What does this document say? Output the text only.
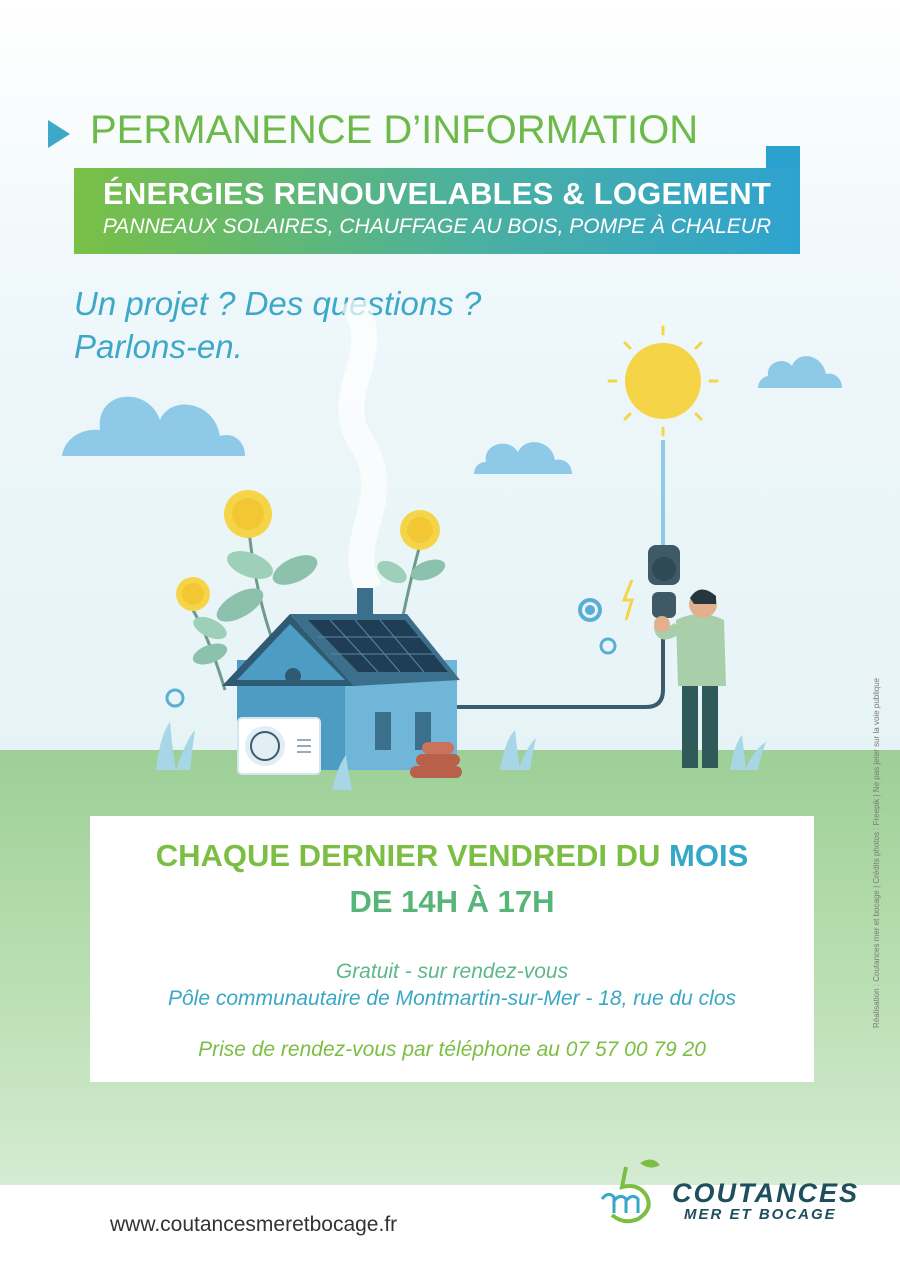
PERMANENCE D’INFORMATION
ÉNERGIES RENOUVELABLES & LOGEMENT
PANNEAUX SOLAIRES, CHAUFFAGE AU BOIS, POMPE À CHALEUR
Un projet ? Des questions ?
Parlons-en.
CHAQUE DERNIER VENDREDI DU MOIS
DE 14H À 17H
Gratuit - sur rendez-vous
Pôle communautaire de Montmartin-sur-Mer - 18, rue du clos
Prise de rendez-vous par téléphone au 07 57 00 79 20
www.coutancesmeretbocage.fr
COUTANCES
MER ET BOCAGE
Réalisation : Coutances mer et bocage | Crédits photos : Freepik | Ne pas jeter sur la voie publique
